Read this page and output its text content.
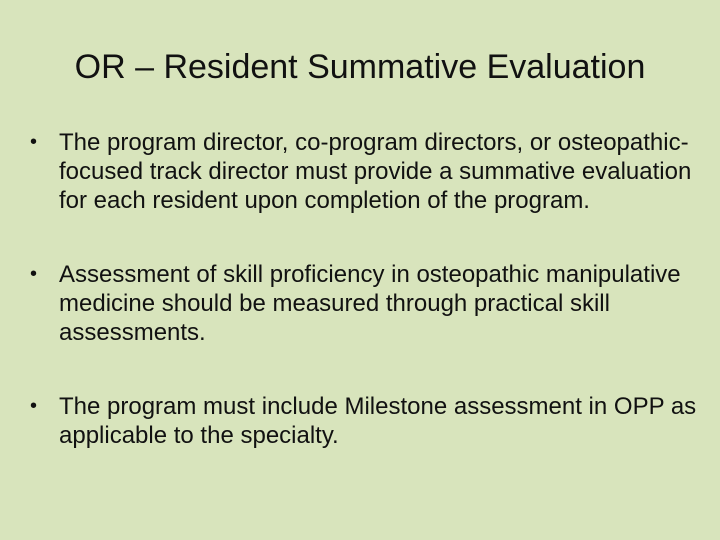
OR – Resident Summative Evaluation
• The program director, co-program directors, or osteopathic-focused track director must provide a summative evaluation for each resident upon completion of the program.
• Assessment of skill proficiency in osteopathic manipulative medicine should be measured through practical skill assessments.
• The program must include Milestone assessment in OPP as applicable to the specialty.
